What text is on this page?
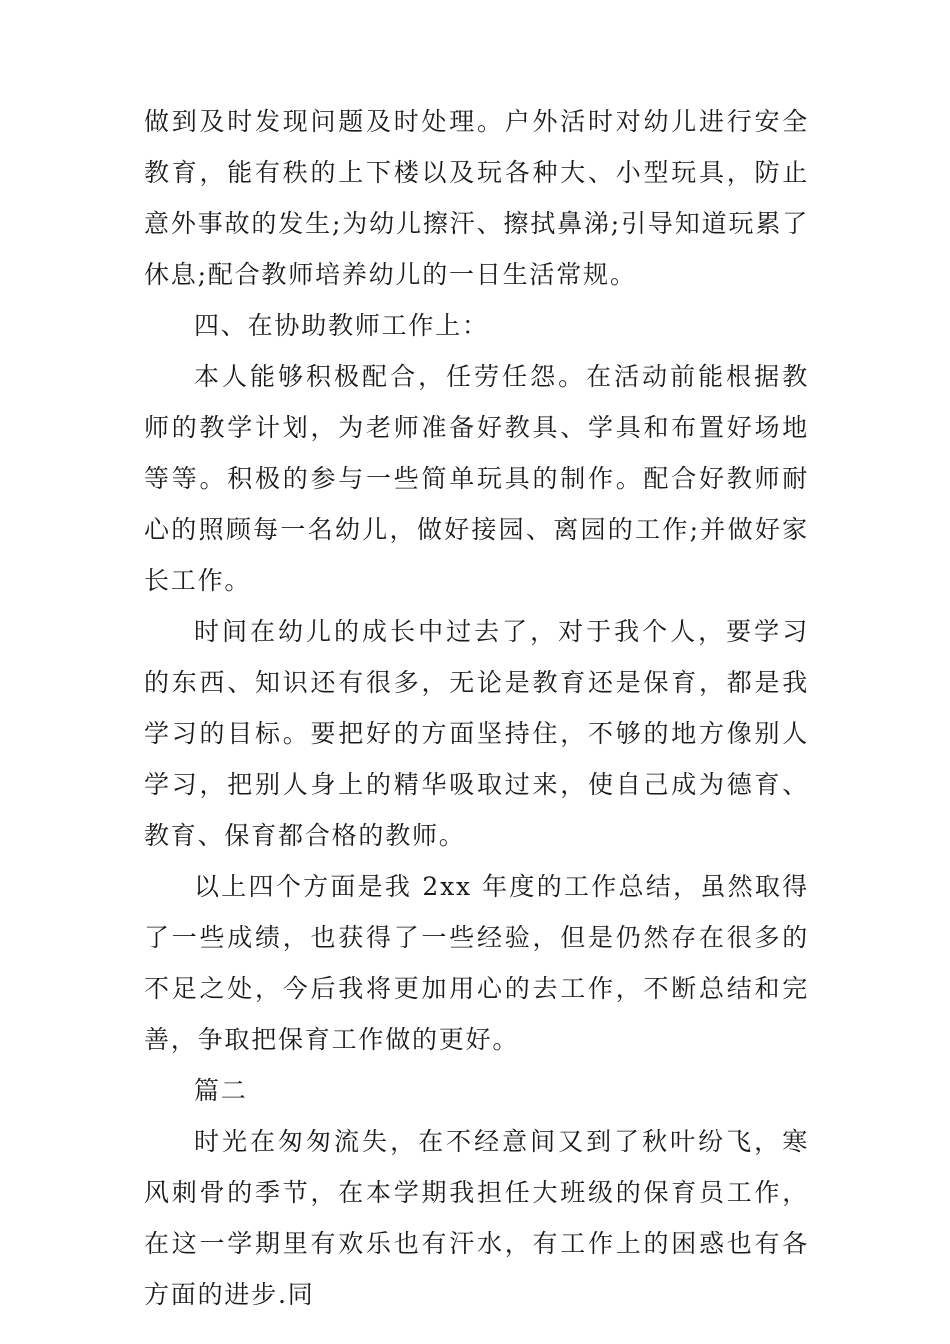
做到及时发现问题及时处理。户外活时对幼儿进行安全教育，能有秩的上下楼以及玩各种大、小型玩具，防止意外事故的发生;为幼儿擦汗、擦拭鼻涕;引导知道玩累了休息;配合教师培养幼儿的一日生活常规。

四、在协助教师工作上：

本人能够积极配合，任劳任怨。在活动前能根据教师的教学计划，为老师准备好教具、学具和布置好场地等等。积极的参与一些简单玩具的制作。配合好教师耐心的照顾每一名幼儿，做好接园、离园的工作;并做好家长工作。

时间在幼儿的成长中过去了，对于我个人，要学习的东西、知识还有很多，无论是教育还是保育，都是我学习的目标。要把好的方面坚持住，不够的地方像别人学习，把别人身上的精华吸取过来，使自己成为德育、教育、保育都合格的教师。

以上四个方面是我 2xx 年度的工作总结，虽然取得了一些成绩，也获得了一些经验，但是仍然存在很多的不足之处，今后我将更加用心的去工作，不断总结和完善，争取把保育工作做的更好。

篇二

时光在匆匆流失，在不经意间又到了秋叶纷飞，寒风刺骨的季节，在本学期我担任大班级的保育员工作，在这一学期里有欢乐也有汗水，有工作上的困惑也有各方面的进步.同
